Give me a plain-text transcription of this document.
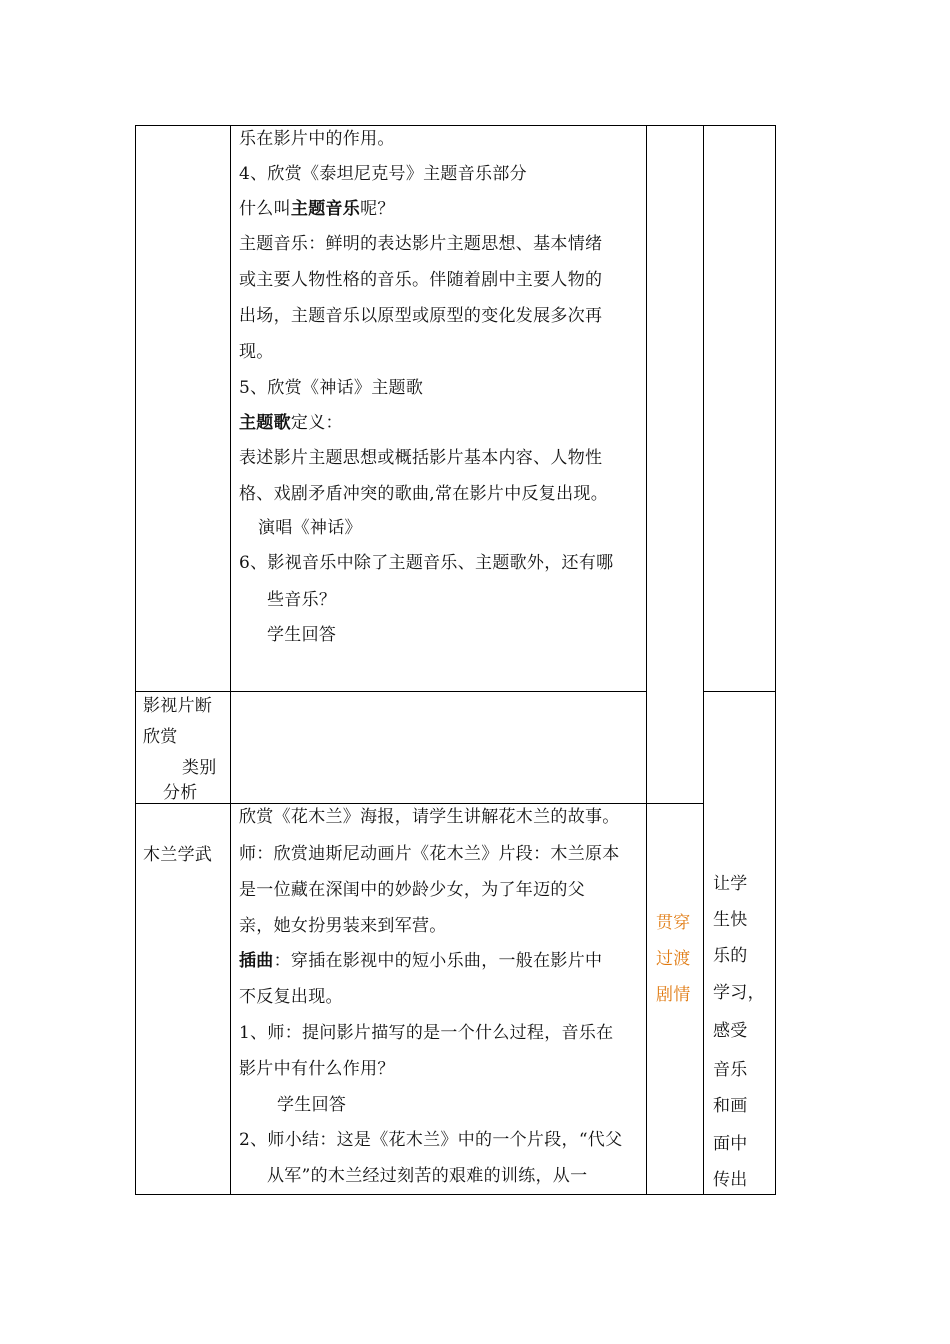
乐在影片中的作用。
4、欣赏《泰坦尼克号》主题音乐部分
什么叫主题音乐呢？
主题音乐：鲜明的表达影片主题思想、基本情绪
或主要人物性格的音乐。伴随着剧中主要人物的
出场，主题音乐以原型或原型的变化发展多次再
现。
5、欣赏《神话》主题歌
主题歌定义：
表述影片主题思想或概括影片基本内容、人物性
格、戏剧矛盾冲突的歌曲,常在影片中反复出现。
演唱《神话》
6、影视音乐中除了主题音乐、主题歌外，还有哪
些音乐？
学生回答
影视片断
欣赏
类别
分析
木兰学武
欣赏《花木兰》海报，请学生讲解花木兰的故事。
师：欣赏迪斯尼动画片《花木兰》片段：木兰原本
是一位藏在深闺中的妙龄少女，为了年迈的父
亲，她女扮男装来到军营。
插曲：穿插在影视中的短小乐曲，一般在影片中
不反复出现。
1、师：提问影片描写的是一个什么过程，音乐在
影片中有什么作用？
学生回答
2、师小结：这是《花木兰》中的一个片段，“代父
从军”的木兰经过刻苦的艰难的训练，从一
贯穿
过渡
剧情
让学
生快
乐的
学习，
感受
音乐
和画
面中
传出
